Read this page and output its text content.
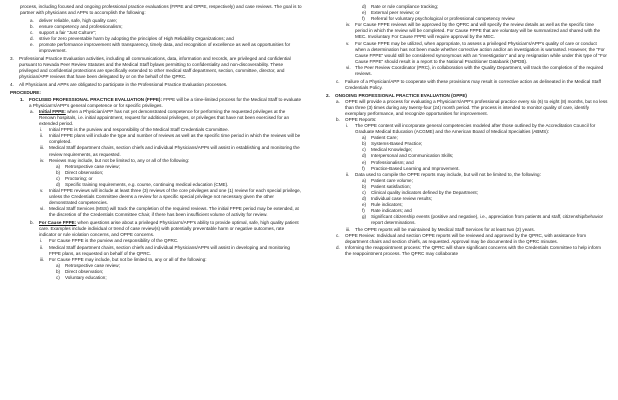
process, including focused and ongoing professional practice evaluations (FPPE and OPPE, respectively) and case reviews. The goal is to partner with physicians and APPs to accomplish the following:

a.	deliver reliable, safe, high quality care;
b.	ensure competency and professionalism;
c.	support a fair "Just Culture";
d.	strive for zero preventable harm by adopting the principles of High Reliability Organizations; and
e.	promote performance improvement with transparency, timely data, and recognition of excellence as well as opportunities for improvement.
3.	Professional Practice Evaluation activities, including all communications, data, information and records, are privileged and confidential pursuant to Nevada Peer Review Statutes and the Medical Staff bylaws permitting to confidentiality and non-discoverability. These privileged and confidential protections are specifically extended to other medical staff department, section, committee, director, and physician/APP reviews that have been delegated by or on the behalf of the QPRC.
4.	All Physicians and APPs are obligated to participate in the Professional Practice Evaluation processes.

PROCEDURE:

1.	FOCUSED PROFESSIONAL PRACTICE EVALUATION (FPPE): FPPE will be a time-limited process for the Medical Staff to evaluate a Physician's/APP's general competence or for specific privileges.
a.	Initial FPPE: when a Physician/APP has not yet demonstrated competence for performing the requested privileges at the Renown hospitals, i.e. initial appointment, request for additional privileges, or privileges that have not been exercised for an extended period.
i.	Initial FPPE is the purview and responsibility of the Medical Staff Credentials Committee.
ii.	Initial FPPE plans will include the type and number of reviews as well as the specific time period in which the reviews will be completed.
iii.	Medical Staff department chairs, section chiefs and individual Physicians/APPs will assist in establishing and monitoring the review requirements, as requested.
iv.	Reviews may include, but not be limited to, any or all of the following:
a)	Retrospective case review;
b)	Direct observation;
c)	Proctoring; or
d)	Specific training requirements, e.g. course, continuing medical education (CME).
v.	Initial FPPE reviews will include at least three (3) reviews of the core privileges and one (1) review for each special privilege, unless the Credentials Committee deems a review for a specific special privilege not necessary given the other demonstrated competencies.
vi. Medical Staff Services (MSS) will track the completion of the required reviews. The initial FPPE period may be extended, at the discretion of the Credentials Committee Chair, if there has been insufficient volume of activity for review.
b.	For Cause FPPE: when questions arise about a privileged Physician's/APP's ability to provide optimal, safe, high quality patient care. Examples include individual or trend of case review(s) with potentially preventable harm or negative outcomes, rate indicator or rule violation concerns, and OPPE concerns.
i.	For Cause FPPE is the purview and responsibility of the QPRC.
ii.	Medical Staff department chairs, section chiefs and individual Physicians/APPs will assist in developing and monitoring FPPE plans, as requested on behalf of the QPRC.
iii.	For Cause FPPE may include, but not be limited to, any or all of the following:
a)	Retrospective case review;
b)	Direct observation;
c)	Voluntary education;
d)	Rate or rule compliance tracking;
e)	External peer review; or
f)	Referral for voluntary psychological or professional competency review
iv.	For Cause FPPE reviews will be approved by the QPRC and will specify the review details as well as the specific time period in which the review will be completed. For Cause FPPE that are voluntary will be summarized and shared with the MEC. Involuntary For Cause FPPE will require approval by the MEC.
v.	For Cause FPPE may be utilized, when appropriate, to assess a privileged Physician's/APP's quality of care or conduct when a determination has not been made whether corrective action and/or an investigation is warranted. However, the "For Cause FPPE" would still be considered synonymous with an "investigation" and any resignation while under this type of "For Cause FPPE" should result in a report to the National Practitioner Databank (NPDB).
vi. The Peer Review Coordinator (PRC), in collaboration with the Quality Department, will track the completion of the required reviews.
c.	Failure of a Physician/APP to cooperate with these provisions may result in corrective action as delineated in the Medical Staff Credentials Policy.
2.	ONGOING PROFESSIONAL PRACTICE EVALUATION (OPPE)
a.	OPPE will provide a process for evaluating a Physician's/APP's professional practice every six (6) to eight (8) months, but no less than three (3) times during any twenty-four (24) month period. The process is intended to monitor quality of care, identify exemplary performance, and recognize opportunities for improvement.
b.	OPPE Reports:
i.	The OPPE content will incorporate general competencies modeled after those outlined by the Accreditation Council for Graduate Medical Education (ACGME) and the American Board of Medical Specialties (ABMS):
a)	Patient Care;
b)	Systems-Based Practice;
c)	Medical Knowledge;
d)	Interpersonal and Communication Skills;
e)	Professionalism; and
f)	Practice-Based Learning and Improvement.
ii.	Data used to compile the OPPE reports may include, but will not be limited to, the following:
a)	Patient care volume;
b)	Patient satisfaction;
c)	Clinical quality indicators defined by the Department;
d)	Individual case review results;
e)	Rule indicators;
f)	Rate indicators; and
g)	Significant citizenship events (positive and negative), i.e., appreciation from patients and staff, citizenship/behavior report determinations.
iii.	The OPPE reports will be maintained by Medical Staff Services for at least two (2) years.
c.	OPPE Review: Individual and section OPPE reports will be reviewed and approved by the QPRC, with assistance from department chairs and section chiefs, as requested. Approval may be documented in the QPRC minutes.
d.	Informing the reappointment process: The QPRC will share significant concerns with the Credentials Committee to help inform the reappointment process. The QPRC may collaborate
